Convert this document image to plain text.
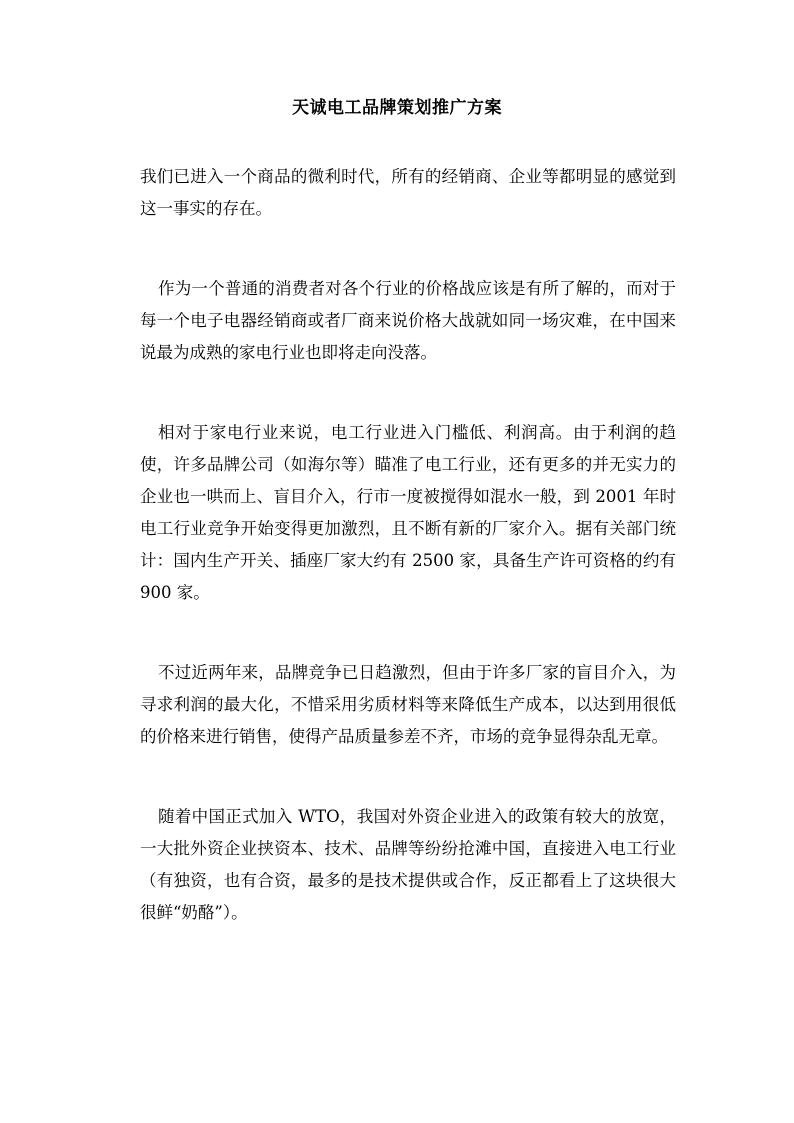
天诚电工品牌策划推广方案

我们已进入一个商品的微利时代，所有的经销商、企业等都明显的感觉到这一事实的存在。

作为一个普通的消费者对各个行业的价格战应该是有所了解的，而对于每一个电子电器经销商或者厂商来说价格大战就如同一场灾难，在中国来说最为成熟的家电行业也即将走向没落。

相对于家电行业来说，电工行业进入门槛低、利润高。由于利润的趋使，许多品牌公司（如海尔等）瞄准了电工行业，还有更多的并无实力的企业也一哄而上、盲目介入，行市一度被搅得如混水一般，到 2001 年时电工行业竞争开始变得更加激烈，且不断有新的厂家介入。据有关部门统计：国内生产开关、插座厂家大约有 2500 家，具备生产许可资格的约有 900 家。

不过近两年来，品牌竞争已日趋激烈，但由于许多厂家的盲目介入，为寻求利润的最大化，不惜采用劣质材料等来降低生产成本，以达到用很低的价格来进行销售，使得产品质量参差不齐，市场的竞争显得杂乱无章。

随着中国正式加入 WTO，我国对外资企业进入的政策有较大的放宽，一大批外资企业挟资本、技术、品牌等纷纷抢滩中国，直接进入电工行业（有独资，也有合资，最多的是技术提供或合作，反正都看上了这块很大很鲜“奶酪”）。
